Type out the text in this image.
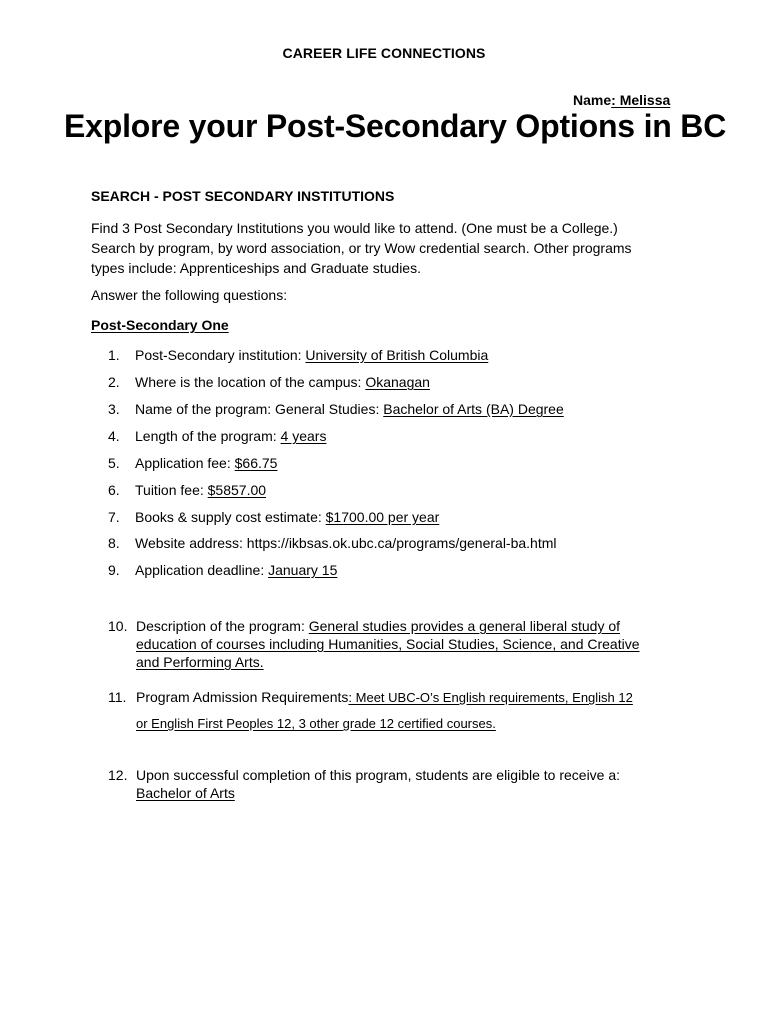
CAREER LIFE CONNECTIONS
Name: Melissa
Explore your Post-Secondary Options in BC
SEARCH - POST SECONDARY INSTITUTIONS
Find 3 Post Secondary Institutions you would like to attend. (One must be a College.)
Search by program, by word association, or try Wow credential search. Other programs
types include: Apprenticeships and Graduate studies.
Answer the following questions:
Post-Secondary One
1. Post-Secondary institution: University of British Columbia
2. Where is the location of the campus: Okanagan
3. Name of the program: General Studies: Bachelor of Arts (BA) Degree
4. Length of the program: 4 years
5. Application fee: $66.75
6. Tuition fee: $5857.00
7. Books & supply cost estimate: $1700.00 per year
8. Website address: https://ikbsas.ok.ubc.ca/programs/general-ba.html
9. Application deadline: January 15
10. Description of the program: General studies provides a general liberal study of
education of courses including Humanities, Social Studies, Science, and Creative
and Performing Arts.
11. Program Admission Requirements: Meet UBC-O’s English requirements, English 12
or English First Peoples 12, 3 other grade 12 certified courses.
12. Upon successful completion of this program, students are eligible to receive a:
Bachelor of Arts
